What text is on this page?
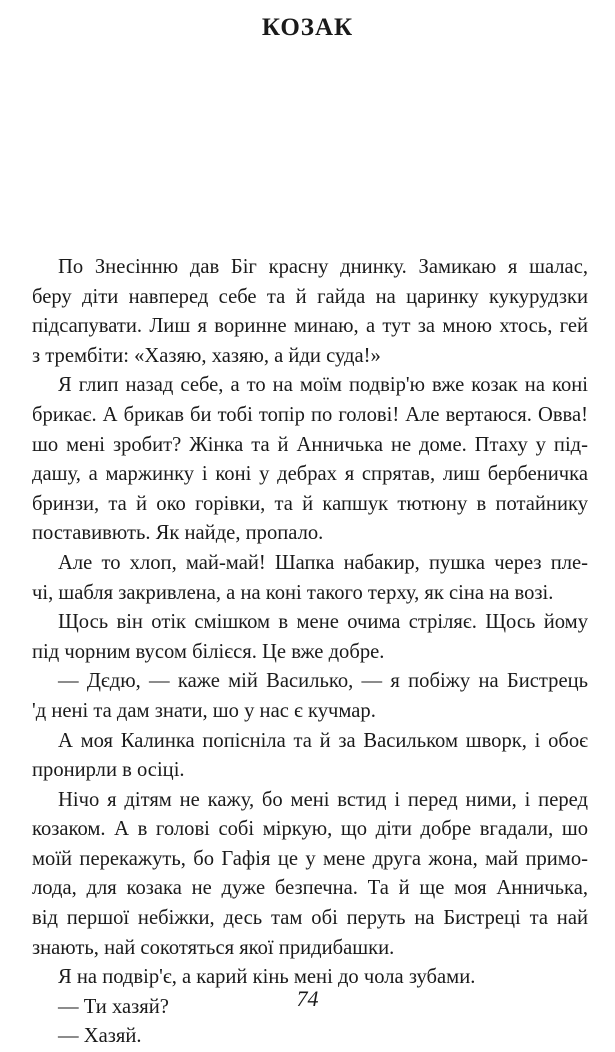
КОЗАК
По Знесінню дав Біг красну днинку. Замикаю я шалас,
беру діти навперед себе та й гайда на царинку кукурудзки
підсапувати. Лиш я воринне минаю, а тут за мною хтось, гей
з трембіти: «Хазяю, хазяю, а йди суда!»
Я глип назад себе, а то на моїм подвір'ю вже козак на коні
брикає. А брикав би тобі топір по голові! Але вертаюся. Овва!
шо мені зробит? Жінка та й Анничька не доме. Птаху у під-
дашу, а маржинку і коні у дебрах я спрятав, лиш бербеничка
бринзи, та й око горівки, та й капшук тютюну в потайнику
поставивють. Як найде, пропало.
Але то хлоп, май-май! Шапка набакир, пушка через пле-
чі, шабля закривлена, а на коні такого терху, як сіна на возі.
Щось він отік смішком в мене очима стріляє. Щось йому
під чорним вусом білієся. Це вже добре.
— Дєдю, — каже мій Василько, — я побіжу на Бистрець
'д нені та дам знати, шо у нас є кучмар.
А моя Калинка попісніла та й за Васильком шворк, і обоє
пронирли в осіці.
Нічо я дітям не кажу, бо мені встид і перед ними, і перед
козаком. А в голові собі міркую, що діти добре вгадали, шо
моїй перекажуть, бо Гафія це у мене друга жона, май примо-
лода, для козака не дуже безпечна. Та й ще моя Анничька,
від першої небіжки, десь там обі перуть на Бистреці та най
знають, най сокотяться якої придибашки.
Я на подвір'є, а карий кінь мені до чола зубами.
— Ти хазяй?
— Хазяй.
74
